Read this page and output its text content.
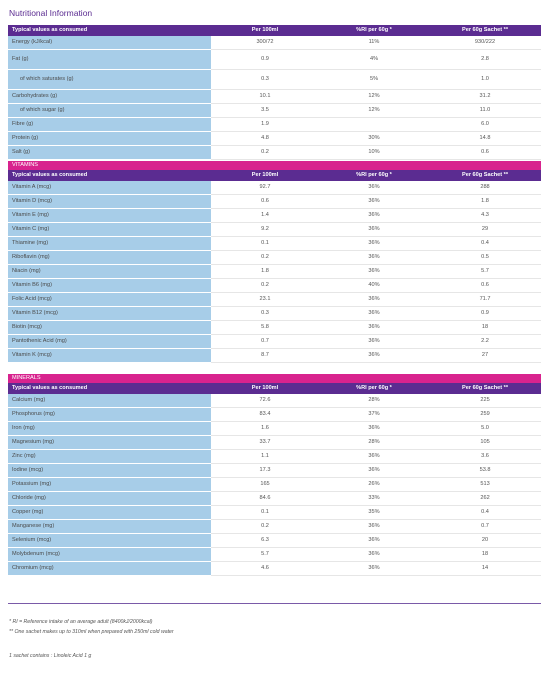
Nutritional Information
Typical values as consumed	Per 100ml	%RI per 60g *	Per 60g Sachet **
Energy (kJ/kcal)	300/72	11%	930/222
Fat (g)	0.9	4%	2.8
of which saturates (g)	0.3	5%	1.0
Carbohydrates (g)	10.1	12%	31.2
of which sugar (g)	3.5	12%	11.0
Fibre (g)	1.9		6.0
Protein (g)	4.8	30%	14.8
Salt (g)	0.2	10%	0.6
VITAMINS			
Typical values as consumed	Per 100ml	%RI per 60g *	Per 60g Sachet **
Vitamin A (mcg)	92.7	36%	288
Vitamin D (mcg)	0.6	36%	1.8
Vitamin E (mg)	1.4	36%	4.3
Vitamin C (mg)	9.2	36%	29
Thiamine (mg)	0.1	36%	0.4
Riboflavin (mg)	0.2	36%	0.5
Niacin (mg)	1.8	36%	5.7
Vitamin B6 (mg)	0.2	40%	0.6
Folic Acid (mcg)	23.1	36%	71.7
Vitamin B12 (mcg)	0.3	36%	0.9
Biotin (mcg)	5.8	36%	18
Pantothenic Acid (mg)	0.7	36%	2.2
Vitamin K (mcg)	8.7	36%	27
MINERALS			
Typical values as consumed	Per 100ml	%RI per 60g *	Per 60g Sachet **
Calcium (mg)	72.6	28%	225
Phosphorus (mg)	83.4	37%	259
Iron (mg)	1.6	36%	5.0
Magnesium (mg)	33.7	28%	105
Zinc (mg)	1.1	36%	3.6
Iodine (mcg)	17.3	36%	53.8
Potassium (mg)	165	26%	513
Chloride (mg)	84.6	33%	262
Copper (mg)	0.1	35%	0.4
Manganese (mg)	0.2	36%	0.7
Selenium (mcg)	6.3	36%	20
Molybdenum (mcg)	5.7	36%	18
Chromium (mcg)	4.6	36%	14
* RI = Reference intake of an average adult (8400kJ/2000kcal)
** One sachet makes up to 310ml when prepared with 250ml cold water
1 sachet contains : Linoleic Acid 1 g
